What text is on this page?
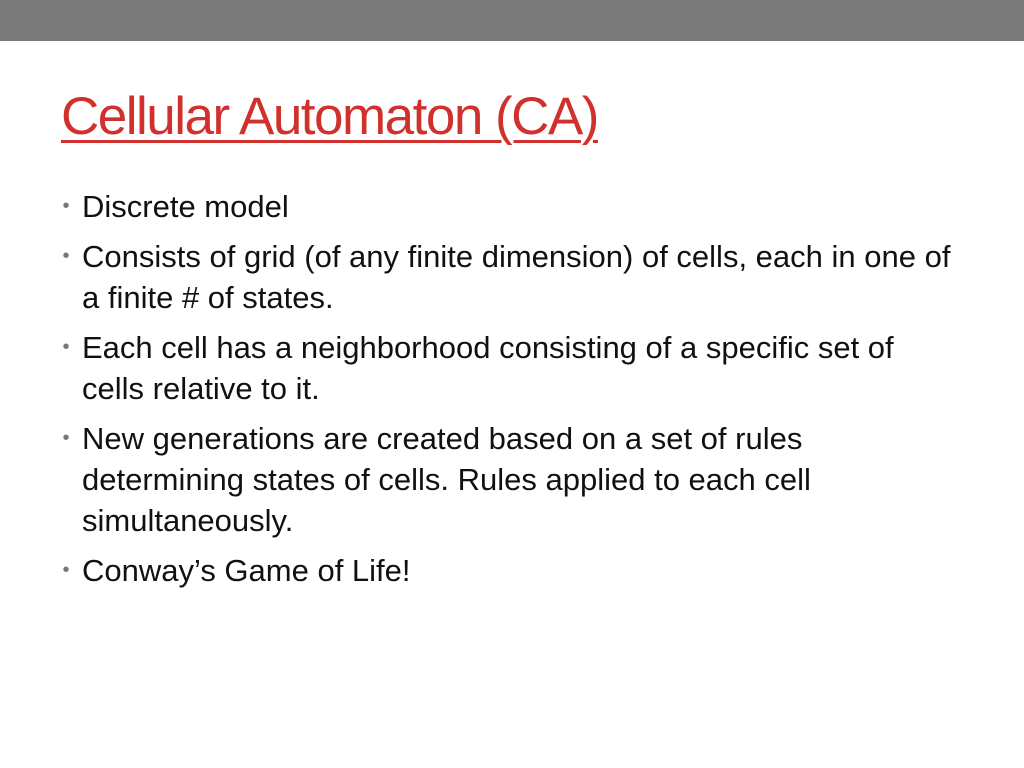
Cellular Automaton (CA)
• Discrete model
• Consists of grid (of any finite dimension) of cells, each in one of a finite # of states.
• Each cell has a neighborhood consisting of a specific set of cells relative to it.
• New generations are created based on a set of rules determining states of cells. Rules applied to each cell simultaneously.
• Conway’s Game of Life!
